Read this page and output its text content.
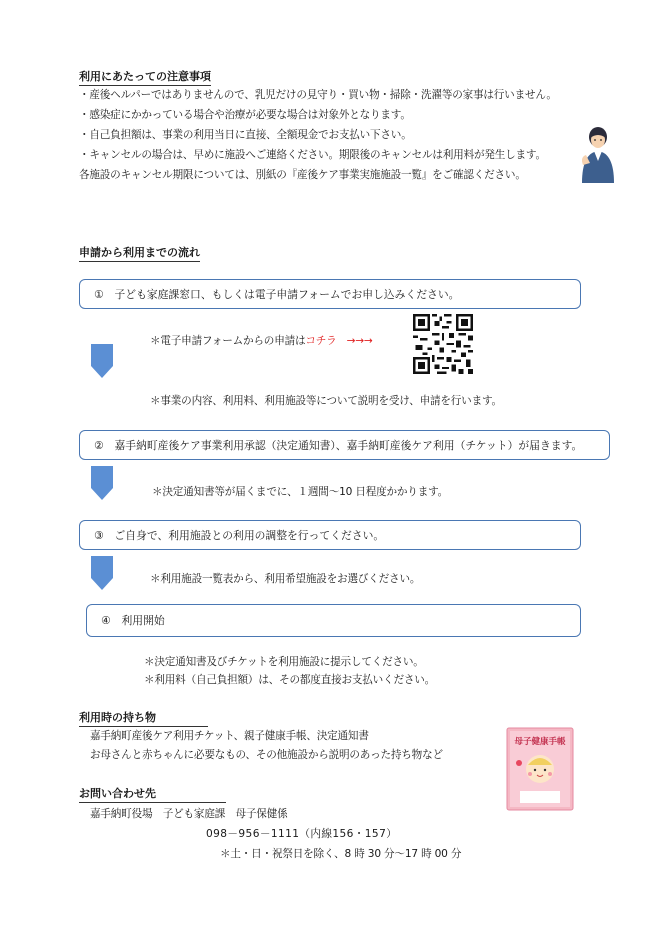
利用にあたっての注意事項
・産後ヘルパーではありませんので、乳児だけの見守り・買い物・掃除・洗濯等の家事は行いません。
・感染症にかかっている場合や治療が必要な場合は対象外となります。
・自己負担額は、事業の利用当日に直接、全額現金でお支払い下さい。
・キャンセルの場合は、早めに施設へご連絡ください。期限後のキャンセルは利用料が発生します。
各施設のキャンセル期限については、別紙の『産後ケア事業実施施設一覧』をご確認ください。
申請から利用までの流れ
①　子ども家庭課窓口、もしくは電子申請フォームでお申し込みください。
＊電子申請フォームからの申請はコチラ →→→
＊事業の内容、利用料、利用施設等について説明を受け、申請を行います。
②　嘉手納町産後ケア事業利用承認（決定通知書）、嘉手納町産後ケア利用（チケット）が届きます。
＊決定通知書等が届くまでに、１週間～10 日程度かかります。
③　ご自身で、利用施設との利用の調整を行ってください。
＊利用施設一覧表から、利用希望施設をお選びください。
④　利用開始
＊決定通知書及びチケットを利用施設に提示してください。
＊利用料（自己負担額）は、その都度直接お支払いください。
利用時の持ち物
嘉手納町産後ケア利用チケット、親子健康手帳、決定通知書
お母さんと赤ちゃんに必要なもの、その他施設から説明のあった持ち物など
母子健康手帳
お問い合わせ先
嘉手納町役場　子ども家庭課　母子保健係
098－956－1111（内線156・157）
＊土・日・祝祭日を除く、8 時 30 分～17 時 00 分
